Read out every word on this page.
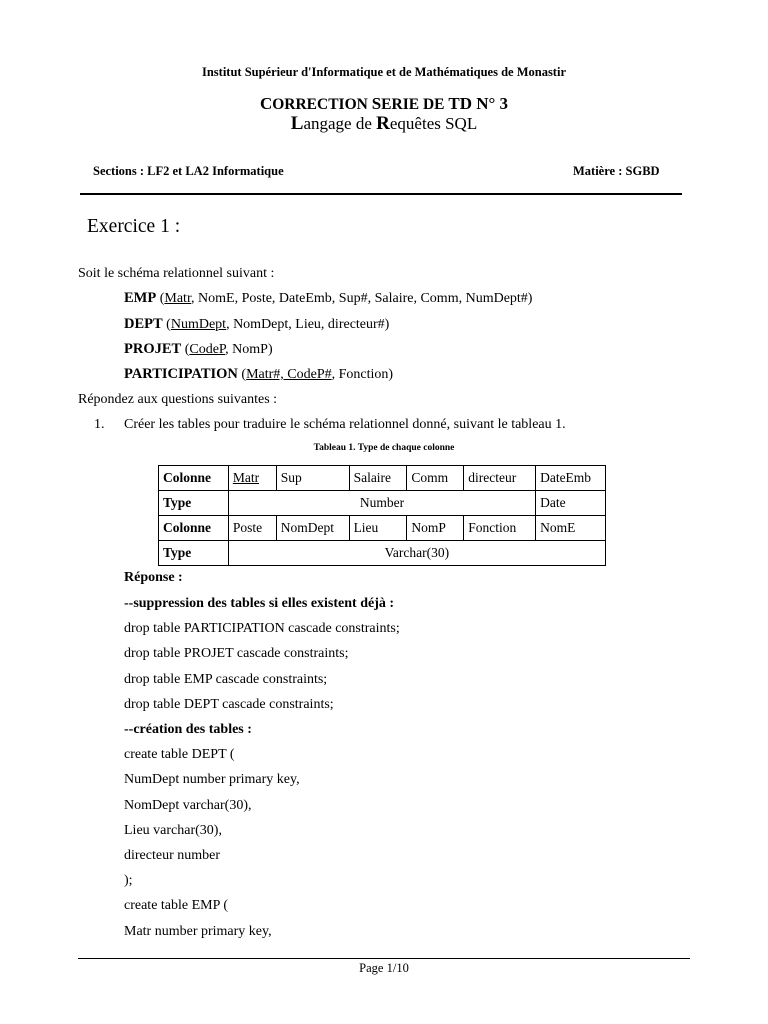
Institut Supérieur d'Informatique et de Mathématiques de Monastir
CORRECTION SERIE DE TD N° 3
Langage de Requêtes SQL
Sections : LF2 et LA2 Informatique	Matière : SGBD
Exercice 1 :
Soit le schéma relationnel suivant :
EMP (Matr, NomE, Poste, DateEmb, Sup#, Salaire, Comm, NumDept#)
DEPT (NumDept, NomDept, Lieu, directeur#)
PROJET (CodeP, NomP)
PARTICIPATION (Matr#, CodeP#, Fonction)
Répondez aux questions suivantes :
1. Créer les tables pour traduire le schéma relationnel donné, suivant le tableau 1.
Tableau 1. Type de chaque colonne
Colonne	Matr	Sup	Salaire	Comm	directeur	DateEmb
Type	Number					Date
Colonne	Poste	NomDept	Lieu	NomP	Fonction	NomE
Type	Varchar(30)					
Réponse :
--suppression des tables si elles existent déjà :
drop table PARTICIPATION cascade constraints;
drop table PROJET cascade constraints;
drop table EMP cascade constraints;
drop table DEPT cascade constraints;
--création des tables :
create table DEPT (
NumDept number primary key,
NomDept varchar(30),
Lieu varchar(30),
directeur number
);
create table EMP (
Matr number primary key,
Page 1/10
